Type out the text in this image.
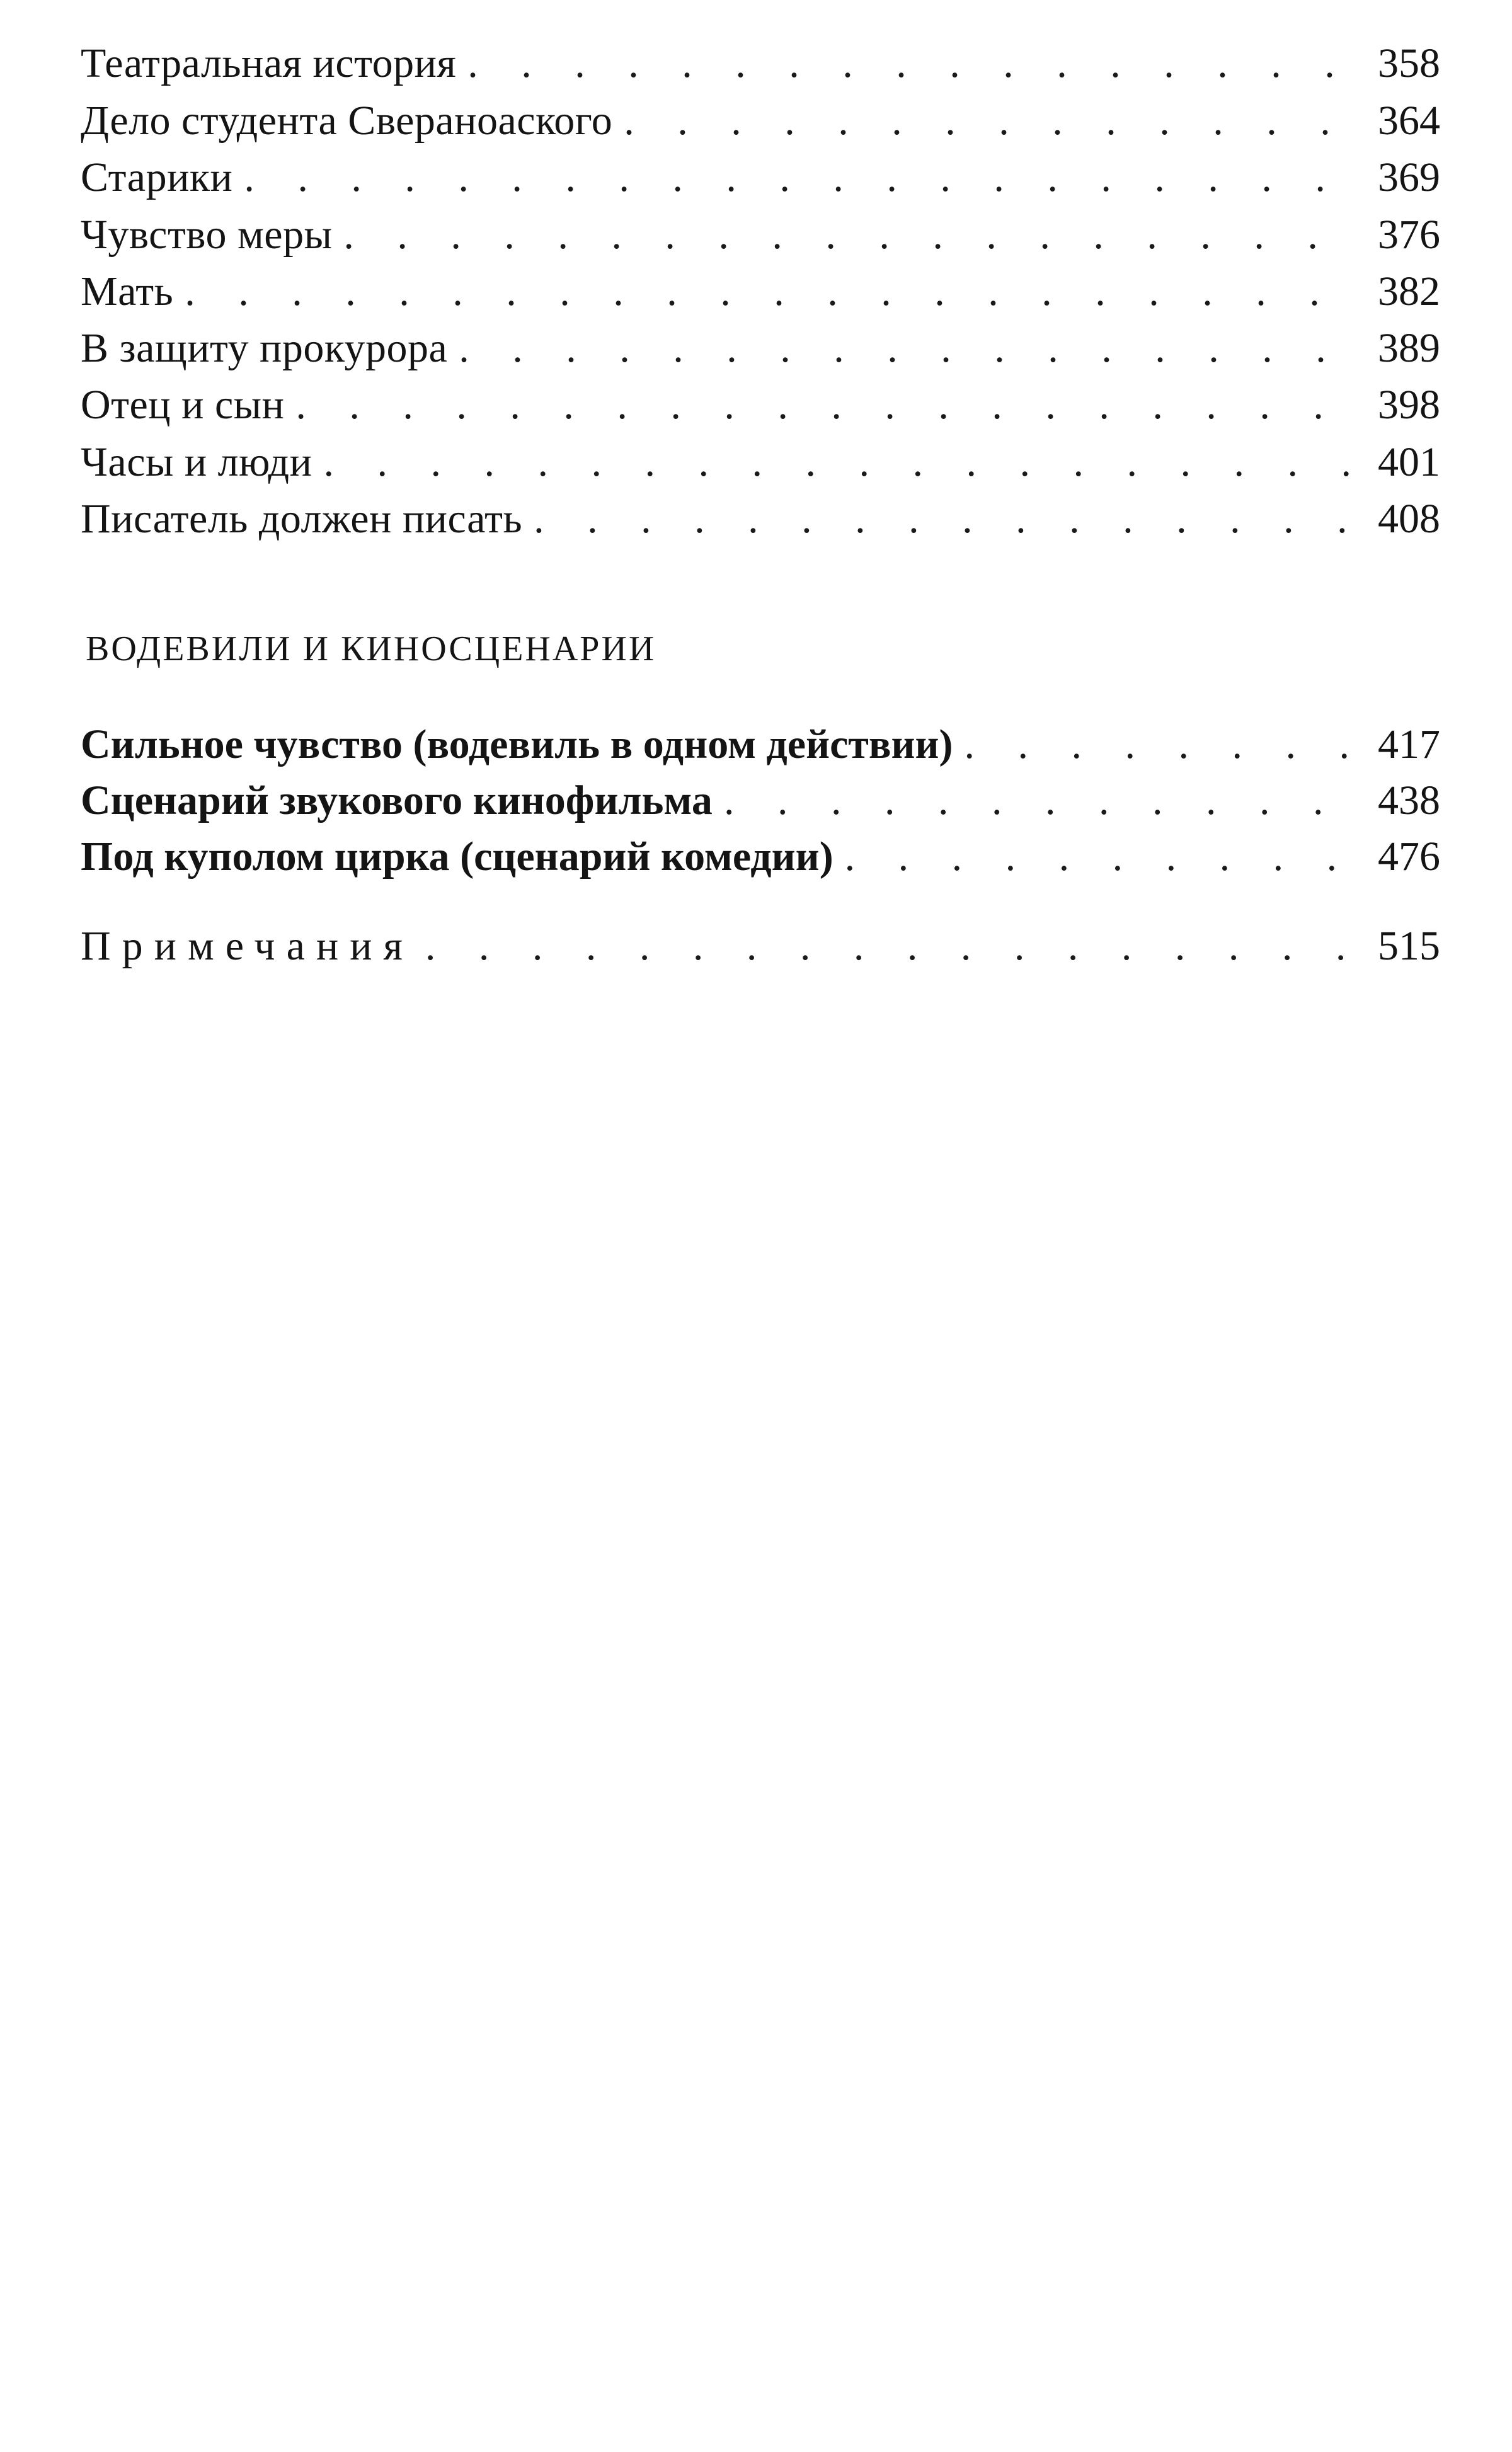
Театральная история . . .	358
Дело студента Свераноаского . . .	364
Старики . . .	369
Чувство меры . . .	376
Мать . . .	382
В защиту прокурора . . .	389
Отец и сын . . .	398
Часы и люди . . .	401
Писатель должен писать . . .	408
ВОДЕВИЛИ И КИНОСЦЕНАРИИ
Сильное чувство (водевиль в одном действии) . . .	417
Сценарий звукового кинофильма . . .	438
Под куполом цирка (сценарий комедии) . . .	476
Примечания . . .	515
